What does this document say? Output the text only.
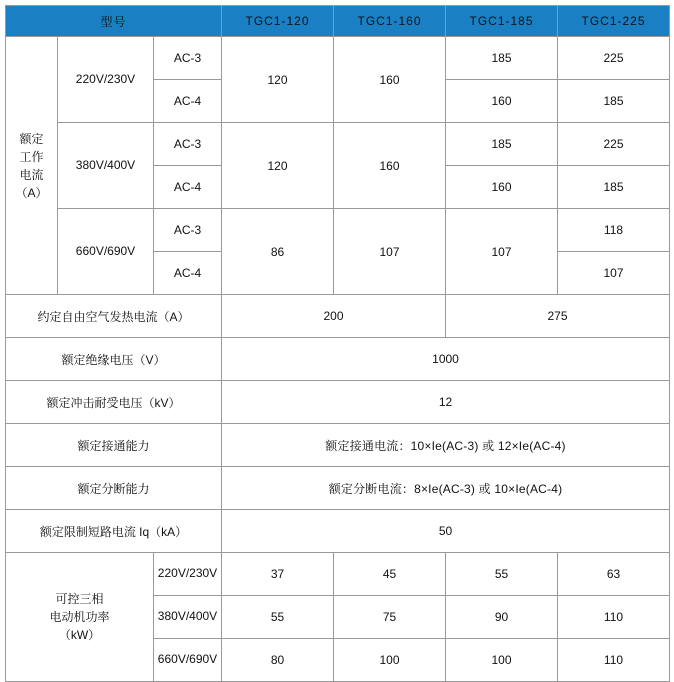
型号			TGC1-120	TGC1-160	TGC1-185	TGC1-225

额定
工作
电流
（A）	220V/230V	AC-3	120	160	185	225
		AC-4			160	185
	380V/400V	AC-3	120	160	185	225
		AC-4			160	185
	660V/690V	AC-3	86	107	107	118
		AC-4				107
约定自由空气发热电流（A）			200		275	
额定绝缘电压（V）			1000			
额定冲击耐受电压（kV）			12			
额定接通能力			额定接通电流：10×Ie(AC-3) 或 12×Ie(AC-4)			
额定分断能力			额定分断电流：8×Ie(AC-3) 或 10×Ie(AC-4)			
额定限制短路电流 Iq（kA）			50			

可控三相
电动机功率
（kW）		220V/230V	37	45	55	63
		380V/400V	55	75	90	110
		660V/690V	80	100	100	110
